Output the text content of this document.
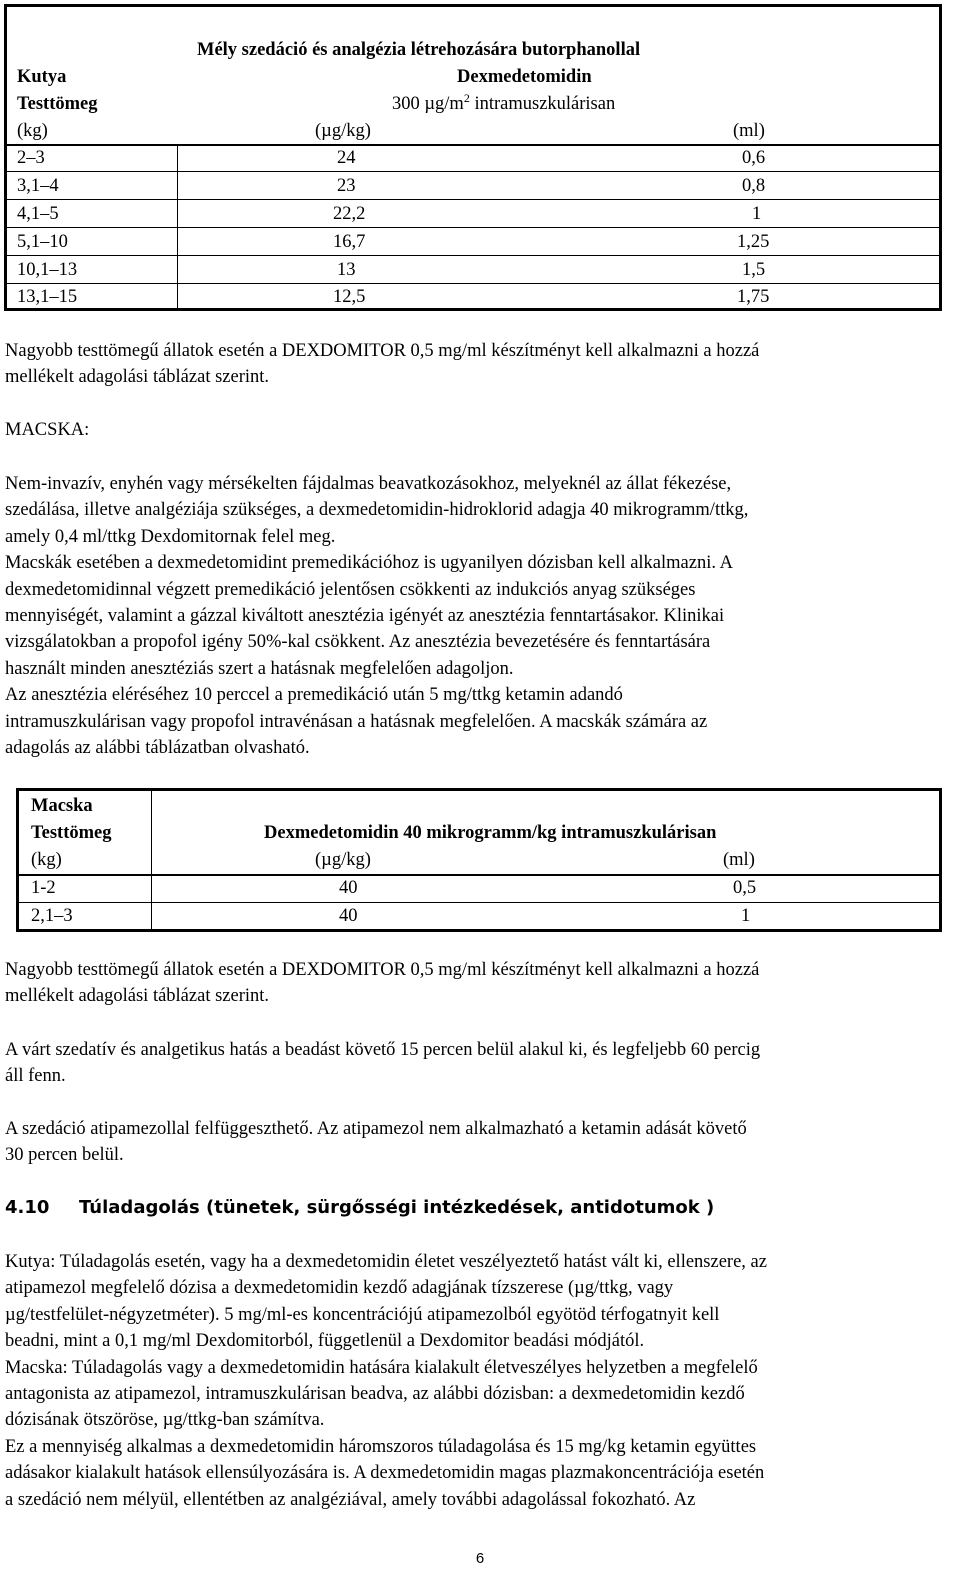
Mély szedáció és analgézia létrehozására butorphanollal
Kutya
Testtömeg
(kg)
Dexmedetomidin
300 $\mu g/m^2$ intramuszkulárisan
(µg/kg)	(ml)
2–3	24	0,6
3,1–4	23	0,8
4,1–5	22,2	1
5,1–10	16,7	1,25
10,1–13	13	1,5
13,1–15	12,5	1,75
Nagyobb testtömegű állatok esetén a DEXDOMITOR 0,5 mg/ml készítményt kell alkalmazni a hozzá
mellékelt adagolási táblázat szerint.
MACSKA:
Nem-invazív, enyhén vagy mérsékelten fájdalmas beavatkozásokhoz, melyeknél az állat fékezése,
szedálása, illetve analgéziája szükséges, a dexmedetomidin-hidroklorid adagja 40 mikrogramm/ttkg,
amely 0,4 ml/ttkg Dexdomitornak felel meg.
Macskák esetében a dexmedetomidint premedikációhoz is ugyanilyen dózisban kell alkalmazni. A
dexmedetomidinnal végzett premedikáció jelentősen csökkenti az indukciós anyag szükséges
mennyiségét, valamint a gázzal kiváltott anesztézia igényét az anesztézia fenntartásakor. Klinikai
vizsgálatokban a propofol igény 50%-kal csökkent. Az anesztézia bevezetésére és fenntartására
használt minden anesztéziás szert a hatásnak megfelelően adagoljon.
Az anesztézia eléréséhez 10 perccel a premedikáció után 5 mg/ttkg ketamin adandó
intramuszkulárisan vagy propofol intravénásan a hatásnak megfelelően. A macskák számára az
adagolás az alábbi táblázatban olvasható.
Macska
Testtömeg
(kg)
Dexmedetomidin 40 mikrogramm/kg intramuszkulárisan
(µg/kg)	(ml)
1-2	40	0,5
2,1–3	40	1
Nagyobb testtömegű állatok esetén a DEXDOMITOR 0,5 mg/ml készítményt kell alkalmazni a hozzá
mellékelt adagolási táblázat szerint.
A várt szedatív és analgetikus hatás a beadást követő 15 percen belül alakul ki, és legfeljebb 60 percig
áll fenn.
A szedáció atipamezollal felfüggeszthető. Az atipamezol nem alkalmazható a ketamin adását követő
30 percen belül.
4.10 Túladagolás (tünetek, sürgősségi intézkedések, antidotumok )
Kutya: Túladagolás esetén, vagy ha a dexmedetomidin életet veszélyeztető hatást vált ki, ellenszere, az
atipamezol megfelelő dózisa a dexmedetomidin kezdő adagjának tízszerese (µg/ttkg, vagy
µg/testfelület-négyzetméter). 5 mg/ml-es koncentrációjú atipamezolból egyötöd térfogatnyit kell
beadni, mint a 0,1 mg/ml Dexdomitorból, függetlenül a Dexdomitor beadási módjától.
Macska: Túladagolás vagy a dexmedetomidin hatására kialakult életveszélyes helyzetben a megfelelő
antagonista az atipamezol, intramuszkulárisan beadva, az alábbi dózisban: a dexmedetomidin kezdő
dózisának ötszöröse, µg/ttkg-ban számítva.
Ez a mennyiség alkalmas a dexmedetomidin háromszoros túladagolása és 15 mg/kg ketamin együttes
adásakor kialakult hatások ellensúlyozására is. A dexmedetomidin magas plazmakoncentrációja esetén
a szedáció nem mélyül, ellentétben az analgéziával, amely további adagolással fokozható. Az
6
